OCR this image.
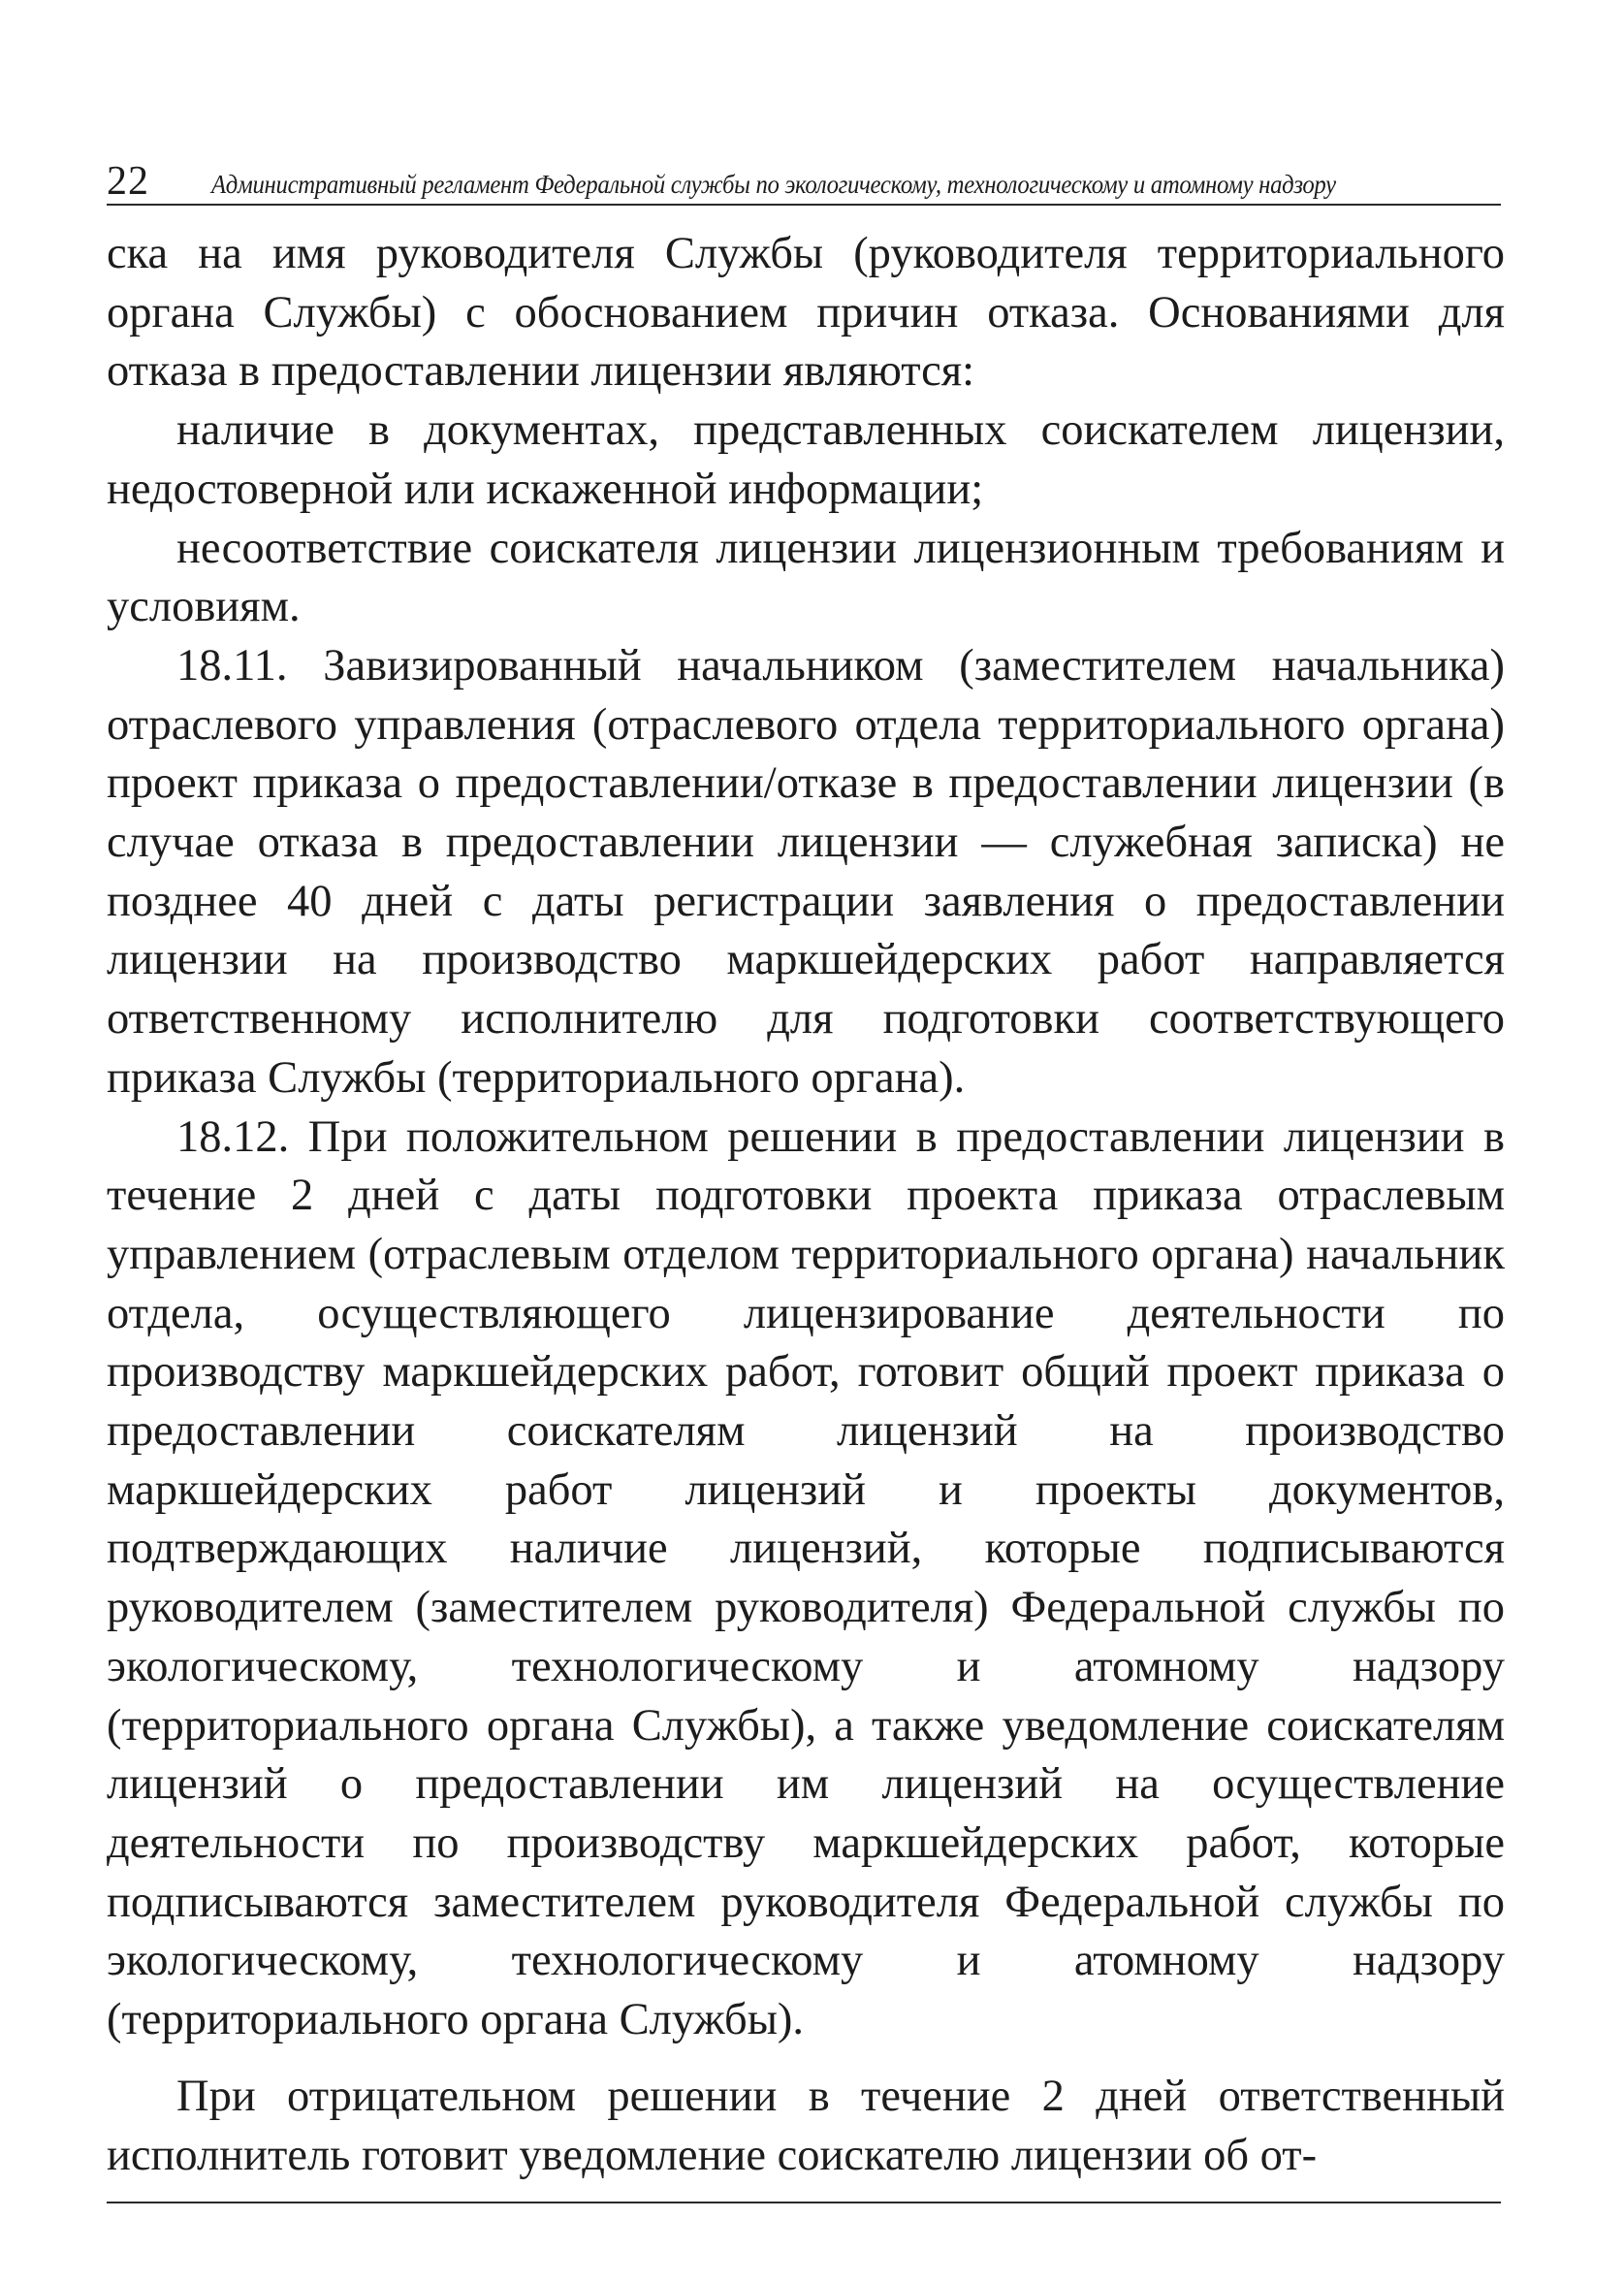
22 Административный регламент Федеральной службы по экологическому, технологическому и атомному надзору

ска на имя руководителя Службы (руководителя территориального органа Службы) с обоснованием причин отказа. Основаниями для отказа в предоставлении лицензии являются:

наличие в документах, представленных соискателем лицензии, недостоверной или искаженной информации;

несоответствие соискателя лицензии лицензионным требованиям и условиям.

18.11. Завизированный начальником (заместителем начальника) отраслевого управления (отраслевого отдела территориального органа) проект приказа о предоставлении/отказе в предоставлении лицензии (в случае отказа в предоставлении лицензии — служебная записка) не позднее 40 дней с даты регистрации заявления о предоставлении лицензии на производство маркшейдерских работ направляется ответственному исполнителю для подготовки соответствующего приказа Службы (территориального органа).

18.12. При положительном решении в предоставлении лицензии в течение 2 дней с даты подготовки проекта приказа отраслевым управлением (отраслевым отделом территориального органа) начальник отдела, осуществляющего лицензирование деятельности по производству маркшейдерских работ, готовит общий проект приказа о предоставлении соискателям лицензий на производство маркшейдерских работ лицензий и проекты документов, подтверждающих наличие лицензий, которые подписываются руководителем (заместителем руководителя) Федеральной службы по экологическому, технологическому и атомному надзору (территориального органа Службы), а также уведомление соискателям лицензий о предоставлении им лицензий на осуществление деятельности по производству маркшейдерских работ, которые подписываются заместителем руководителя Федеральной службы по экологическому, технологическому и атомному надзору (территориального органа Службы).

При отрицательном решении в течение 2 дней ответственный исполнитель готовит уведомление соискателю лицензии об от-
